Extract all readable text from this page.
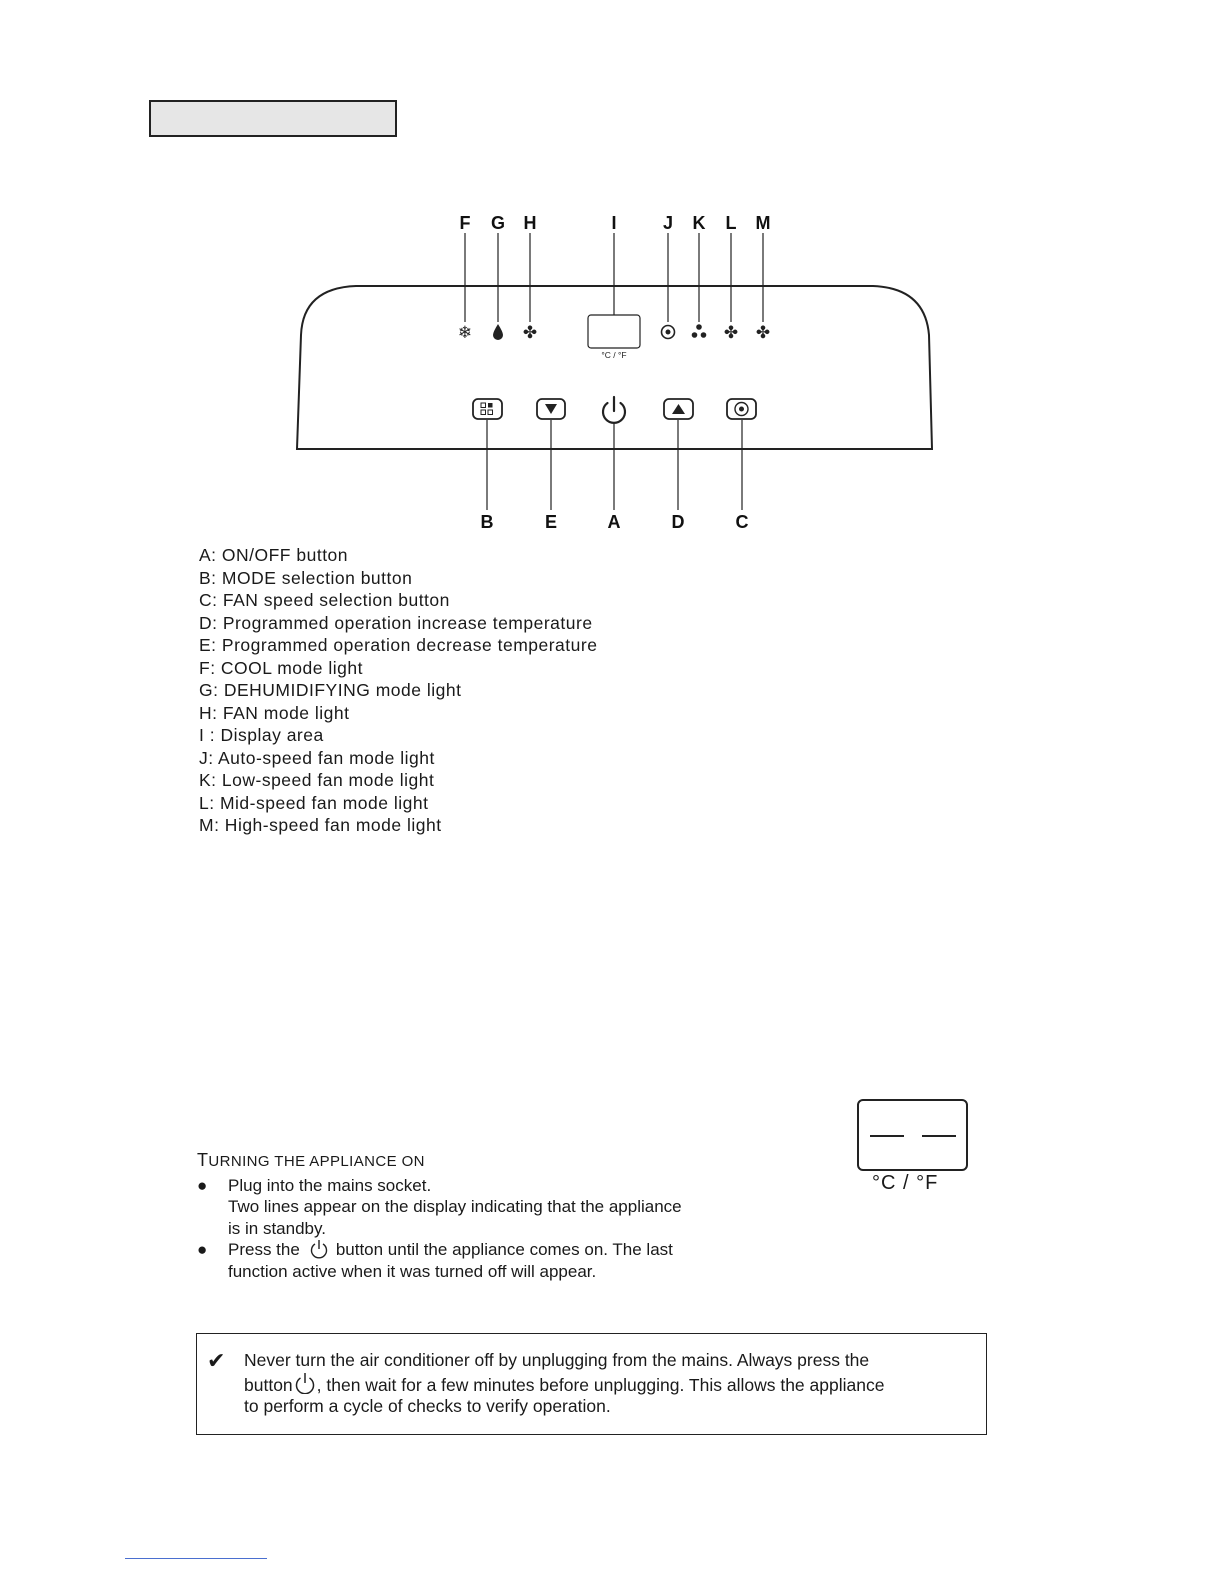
F G H	I	J K L M
❄	✤	✤ ✤
°C / °F
B	E	A	D	C
A: ON/OFF button
B: MODE selection button
C: FAN speed selection button
D: Programmed operation increase temperature
E: Programmed operation decrease temperature
F: COOL mode light
G: DEHUMIDIFYING mode light
H: FAN mode light
I : Display area
J: Auto-speed fan mode light
K: Low-speed fan mode light
L: Mid-speed fan mode light
M: High-speed fan mode light
TURNING THE APPLIANCE ON
● Plug into the mains socket.
Two lines appear on the display indicating that the appliance
is in standby.
● Press the button until the appliance comes on. The last
function active when it was turned off will appear.
°C / °F
✔ Never turn the air conditioner off by unplugging from the mains. Always press the
button , then wait for a few minutes before unplugging. This allows the appliance
to perform a cycle of checks to verify operation.
